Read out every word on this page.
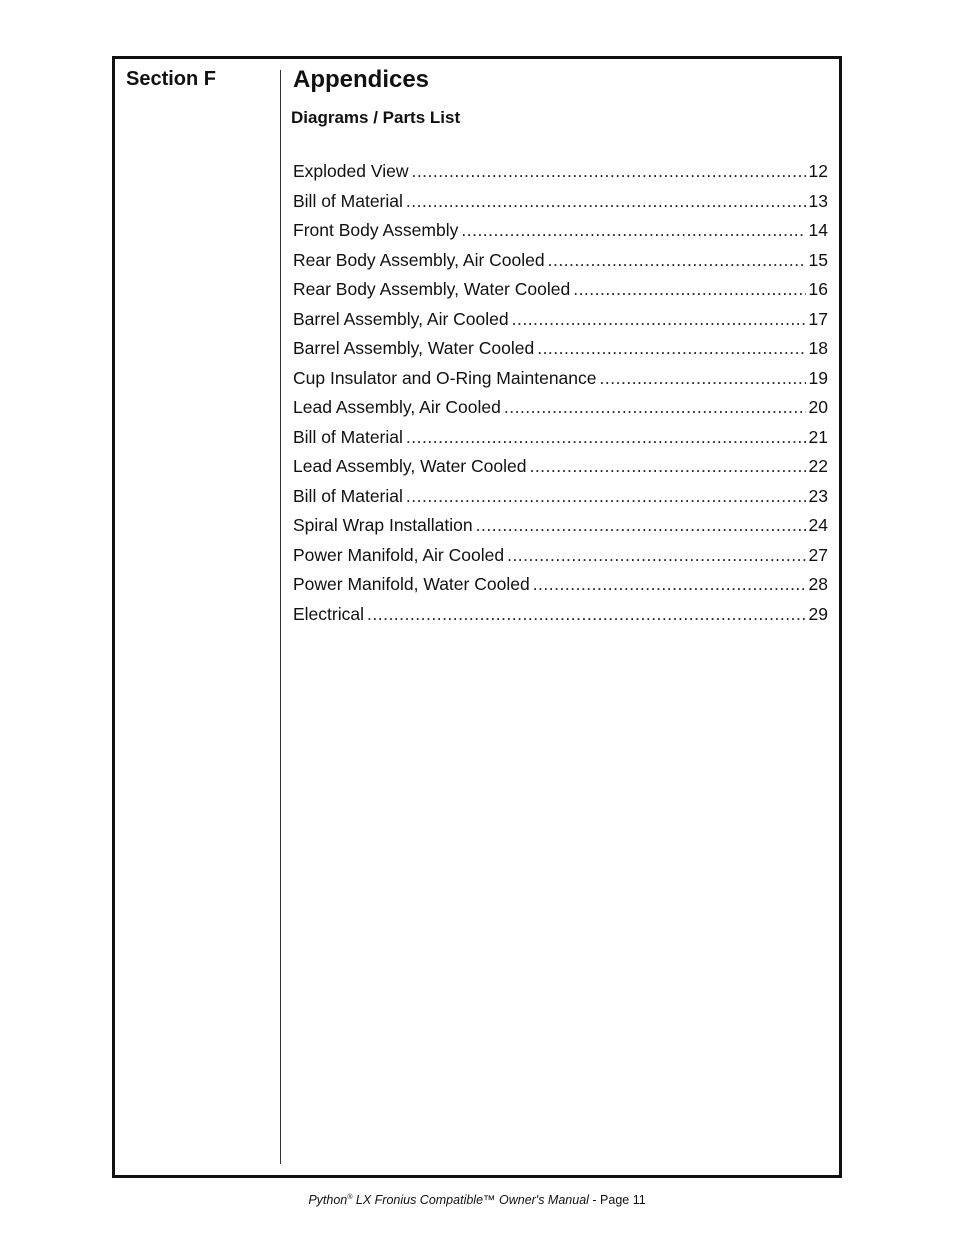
Section F	Appendices
Diagrams / Parts List
Exploded View .....	12
Bill of Material .....	13
Front Body Assembly .....	14
Rear Body Assembly, Air Cooled .....	15
Rear Body Assembly, Water Cooled .....	16
Barrel Assembly, Air Cooled .....	17
Barrel Assembly, Water Cooled .....	18
Cup Insulator and O-Ring Maintenance .....	19
Lead Assembly, Air Cooled .....	20
Bill of Material .....	21
Lead Assembly, Water Cooled .....	22
Bill of Material .....	23
Spiral Wrap Installation .....	24
Power Manifold, Air Cooled .....	27
Power Manifold, Water Cooled .....	28
Electrical .....	29
Python® LX Fronius Compatible™ Owner's Manual - Page 11
